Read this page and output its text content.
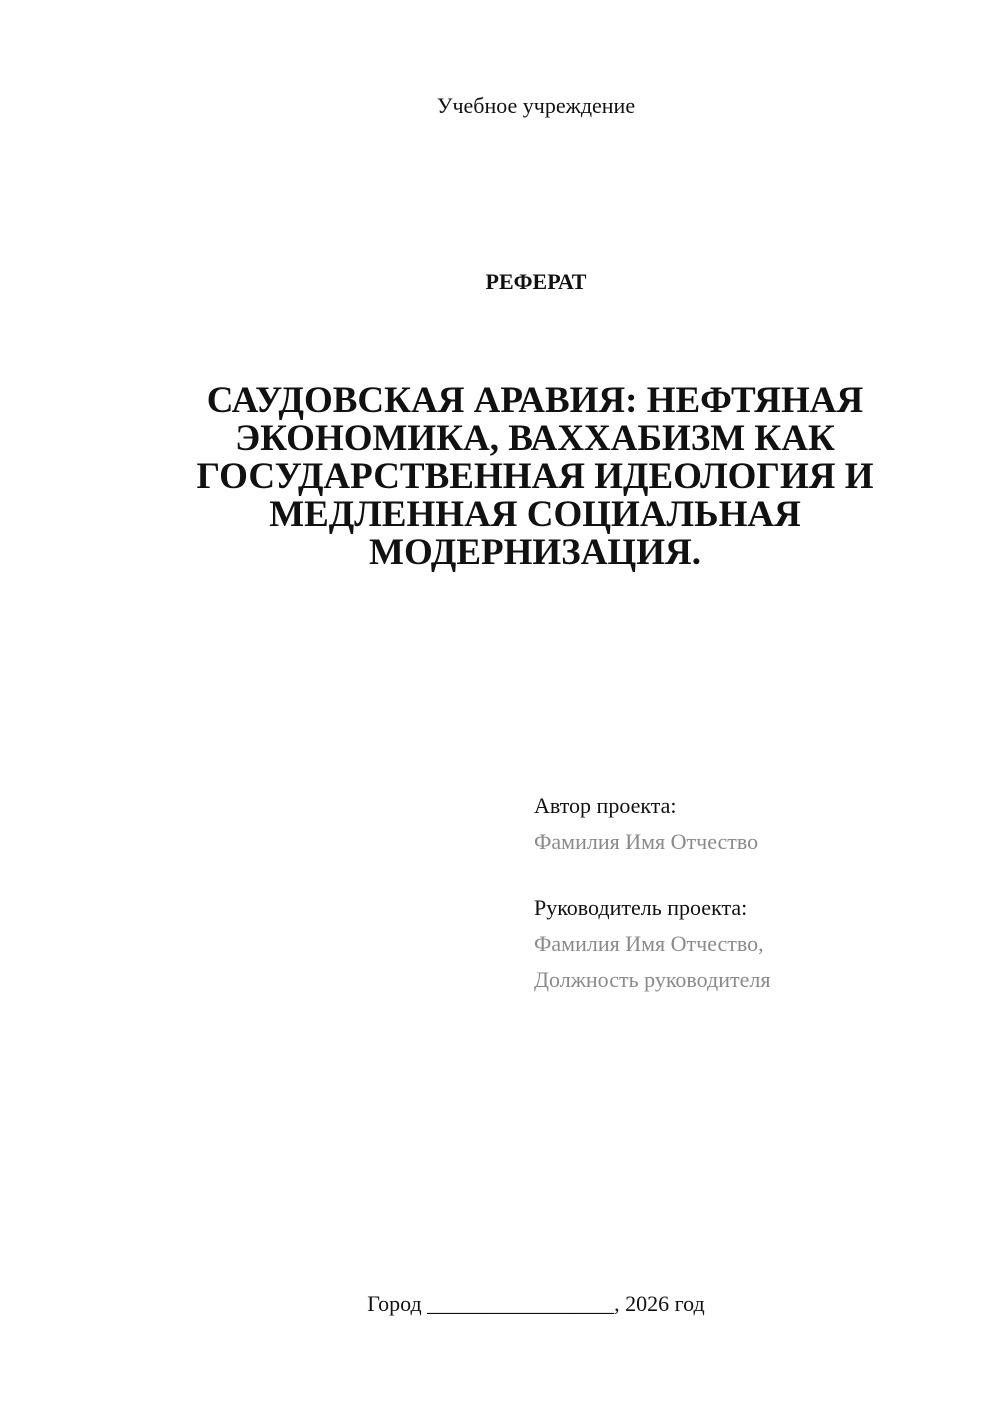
Учебное учреждение
РЕФЕРАТ
САУДОВСКАЯ АРАВИЯ: НЕФТЯНАЯ ЭКОНОМИКА, ВАХХАБИЗМ КАК ГОСУДАРСТВЕННАЯ ИДЕОЛОГИЯ И МЕДЛЕННАЯ СОЦИАЛЬНАЯ МОДЕРНИЗАЦИЯ.
Автор проекта:
Фамилия Имя Отчество
Руководитель проекта:
Фамилия Имя Отчество,
Должность руководителя
Город _________________, 2026 год
